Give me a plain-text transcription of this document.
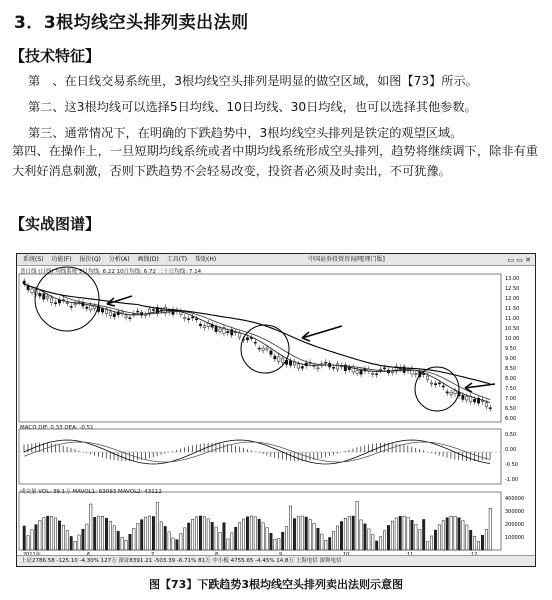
3．3根均线空头排列卖出法则
【技术特征】
第　、在日线交易系统里，3根均线空头排列是明显的做空区域，如图【73】所示。
第二、这3根均线可以选择5日均线、10日均线、30日均线，也可以选择其他参数。
第三、通常情况下，在明确的下跌趋势中，3根均线空头排列是铁定的观望区域。
第四、在操作上，一旦短期均线系统或者中期均线系统形成空头排列，趋势将继续调下，除非有重大利好消息刺激，否则下跌趋势不会轻易改变，投资者必须及时卖出，不可犹豫。
【实战图谱】
系统(S) 功能(F) 报价(Q) 分析(A) 画线(D) 工具(T) 帮助(H)	中国证券投资咨询网[理门版]	▭ ▭ ✕
普日线 (日线) 均线系统 5日均线: 6.22 10日均线: 6.72 三十日均线: 7.14
MACD DIF: 0.33 DEA: -0.51
成交量 VOL: 39.1万 MAVOL1: 63093 MAVOL2: 43112
13.00
12.50
12.00
11.50
11.00
10.50
10.00
9.50
9.00
8.50
8.00
7.50
7.00
6.50
6.00
0.50
0.00
-0.50
-1.00
400000
300000
200000
100000
上证2786.58 -125.10 -4.30% 127万 深证8391.21 -503.39 -6.71% 81万 中小板 4755.65 -4.45% 14.8万 上海电信 深圳电信
图【73】下跌趋势3根均线空头排列卖出法则示意图
